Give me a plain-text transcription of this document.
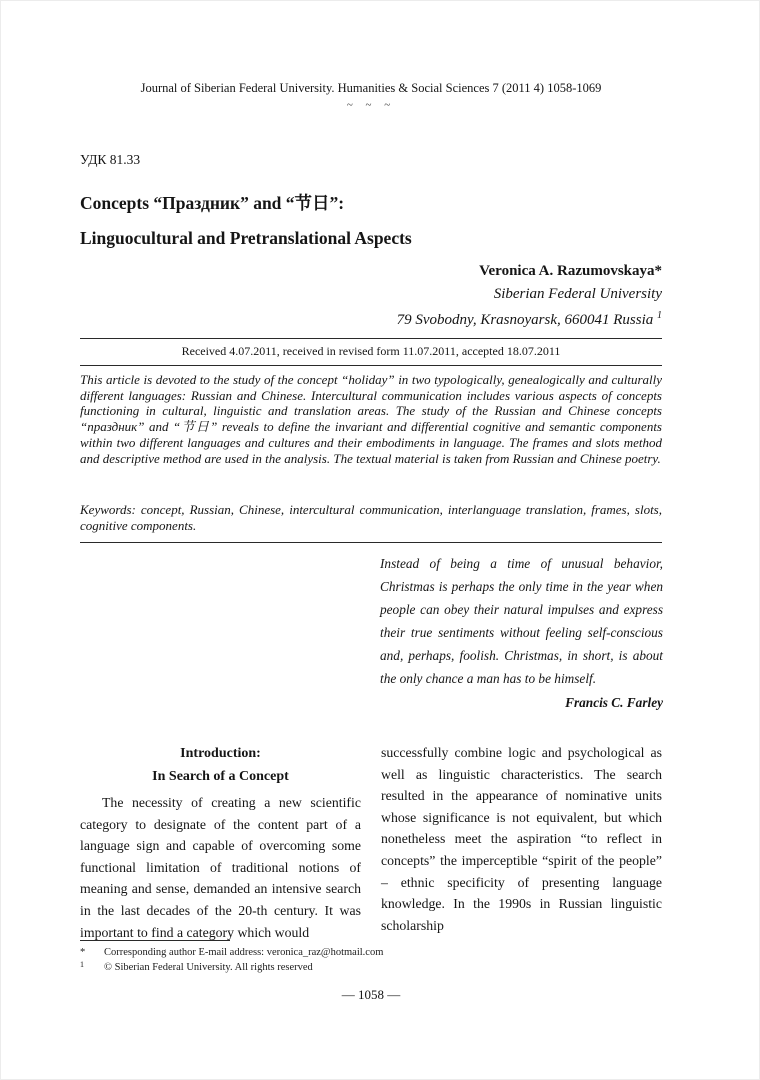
Journal of Siberian Federal University. Humanities & Social Sciences 7 (2011 4) 1058-1069
~ ~ ~
УДК 81.33
Concepts “Праздник” and “节日”:
Linguocultural and Pretranslational Aspects
Veronica A. Razumovskaya*
Siberian Federal University
79 Svobodny, Krasnoyarsk, 660041 Russia $^1$
Received 4.07.2011, received in revised form 11.07.2011, accepted 18.07.2011
This article is devoted to the study of the concept “holiday” in two typologically, genealogically and culturally different languages: Russian and Chinese. Intercultural communication includes various aspects of concepts functioning in cultural, linguistic and translation areas. The study of the Russian and Chinese concepts “праздник” and “节日” reveals to define the invariant and differential cognitive and semantic components within two different languages and cultures and their embodiments in language. The frames and slots method and descriptive method are used in the analysis. The textual material is taken from Russian and Chinese poetry.
Keywords: concept, Russian, Chinese, intercultural communication, interlanguage translation, frames, slots, cognitive components.
Instead of being a time of unusual behavior, Christmas is perhaps the only time in the year when people can obey their natural impulses and express their true sentiments without feeling self-conscious and, perhaps, foolish. Christmas, in short, is about the only chance a man has to be himself.
Francis C. Farley
Introduction:
In Search of a Concept

The necessity of creating a new scientific category to designate of the content part of a language sign and capable of overcoming some functional limitation of traditional notions of meaning and sense, demanded an intensive search in the last decades of the 20-th century. It was important to find a category which would

successfully combine logic and psychological as well as linguistic characteristics. The search resulted in the appearance of nominative units whose significance is not equivalent, but which nonetheless meet the aspiration “to reflect in concepts” the imperceptible “spirit of the people” – ethnic specificity of presenting language knowledge. In the 1990s in Russian linguistic scholarship

* Corresponding author E-mail address: veronica_raz@hotmail.com
1 © Siberian Federal University. All rights reserved
— 1058 —
